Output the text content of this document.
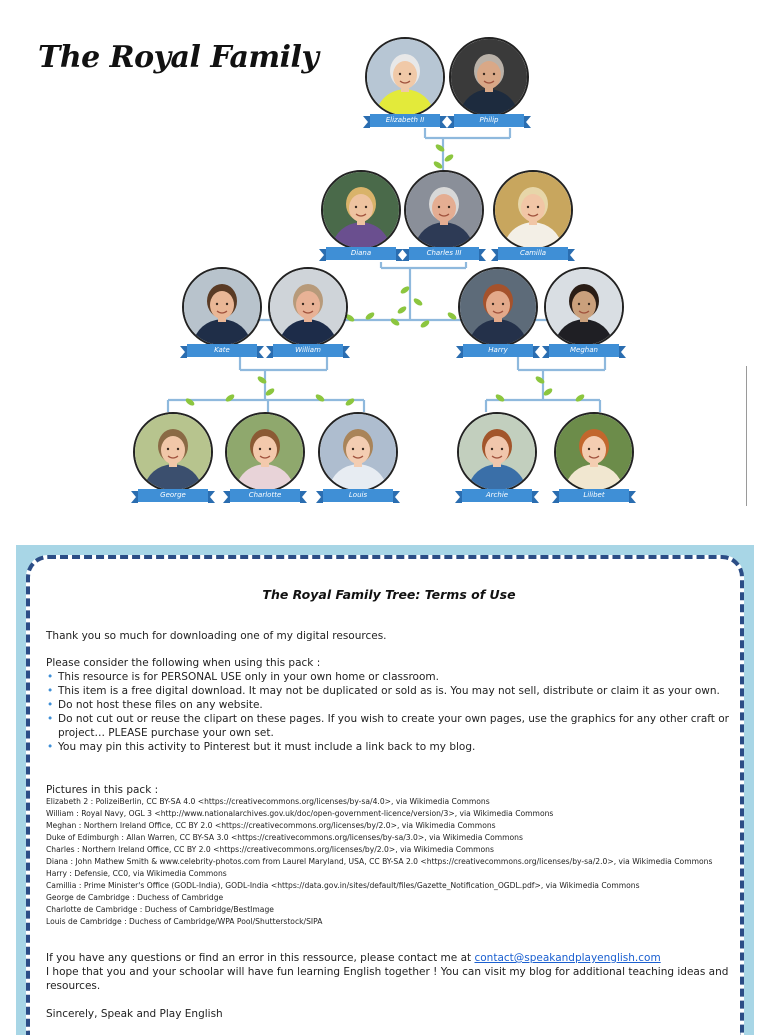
The Royal Family
Elizabeth II	Philip
Diana	Charles III	Camilla
Kate	William	Harry	Meghan
George	Charlotte	Louis	Archie	Lilibet
The Royal Family Tree: Terms of Use
Thank you so much for downloading one of my digital resources.
Please consider the following when using this pack :
• This resource is for PERSONAL USE only in your own home or classroom.
• This item is a free digital download. It may not be duplicated or sold as is. You may not sell, distribute or claim it as your own.
• Do not host these files on any website.
• Do not cut out or reuse the clipart on these pages. If you wish to create your own pages, use the graphics for any other craft or project… PLEASE purchase your own set.
• You may pin this activity to Pinterest but it must include a link back to my blog.
Pictures in this pack :
Elizabeth 2 : PolizeiBerlin, CC BY-SA 4.0 <https://creativecommons.org/licenses/by-sa/4.0>, via Wikimedia Commons
William : Royal Navy, OGL 3 <http://www.nationalarchives.gov.uk/doc/open-government-licence/version/3>, via Wikimedia Commons
Meghan : Northern Ireland Office, CC BY 2.0 <https://creativecommons.org/licenses/by/2.0>, via Wikimedia Commons
Duke of Edimburgh : Allan Warren, CC BY-SA 3.0 <https://creativecommons.org/licenses/by-sa/3.0>, via Wikimedia Commons
Charles : Northern Ireland Office, CC BY 2.0 <https://creativecommons.org/licenses/by/2.0>, via Wikimedia Commons
Diana : John Mathew Smith & www.celebrity-photos.com from Laurel Maryland, USA, CC BY-SA 2.0 <https://creativecommons.org/licenses/by-sa/2.0>, via Wikimedia Commons
Harry : Defensie, CC0, via Wikimedia Commons
Camillia : Prime Minister's Office (GODL-India), GODL-India <https://data.gov.in/sites/default/files/Gazette_Notification_OGDL.pdf>, via Wikimedia Commons
George de Cambridge : Duchess of Cambridge
Charlotte de Cambridge : Duchess of Cambridge/BestImage
Louis de Cambridge : Duchess of Cambridge/WPA Pool/Shutterstock/SIPA
If you have any questions or find an error in this ressource, please contact me at contact@speakandplayenglish.com
I hope that you and your schoolar will have fun learning English together ! You can visit my blog for additional teaching ideas and resources.
Sincerely, Speak and Play English
